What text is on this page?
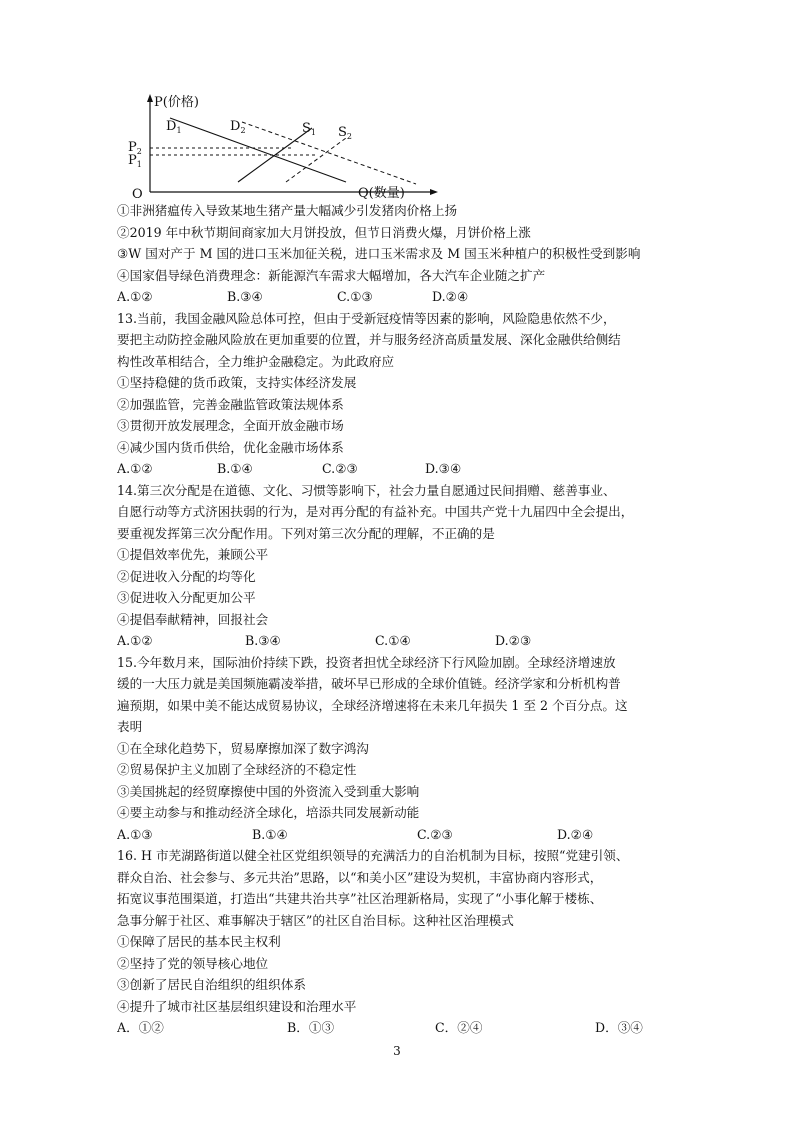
P(价格)
Q(数量)
O
$P_2$
$P_1$
$D_1$	$D_2$	$S_1$ $S_2$
①非洲猪瘟传入导致某地生猪产量大幅减少引发猪肉价格上扬
②2019 年中秋节期间商家加大月饼投放，但节日消费火爆，月饼价格上涨
③W 国对产于 M 国的进口玉米加征关税，进口玉米需求及 M 国玉米种植户的积极性受到影响
④国家倡导绿色消费理念：新能源汽车需求大幅增加，各大汽车企业随之扩产
A.①②	B.③④	C.①③	D.②④
13.当前，我国金融风险总体可控，但由于受新冠疫情等因素的影响，风险隐患依然不少，
要把主动防控金融风险放在更加重要的位置，并与服务经济高质量发展、深化金融供给侧结
构性改革相结合，全力维护金融稳定。为此政府应
①坚持稳健的货币政策，支持实体经济发展
②加强监管，完善金融监管政策法规体系
③贯彻开放发展理念，全面开放金融市场
④减少国内货币供给，优化金融市场体系
A.①②	B.①④	C.②③	D.③④
14.第三次分配是在道德、文化、习惯等影响下，社会力量自愿通过民间捐赠、慈善事业、
自愿行动等方式济困扶弱的行为，是对再分配的有益补充。中国共产党十九届四中全会提出，
要重视发挥第三次分配作用。下列对第三次分配的理解，不正确的是
①提倡效率优先，兼顾公平
②促进收入分配的均等化
③促进收入分配更加公平
④提倡奉献精神，回报社会
A.①②	B.③④	C.①④	D.②③
15.今年数月来，国际油价持续下跌，投资者担忧全球经济下行风险加剧。全球经济增速放
缓的一大压力就是美国频施霸凌举措，破坏早已形成的全球价值链。经济学家和分析机构普
遍预期，如果中美不能达成贸易协议，全球经济增速将在未来几年损失 1 至 2 个百分点。这
表明
①在全球化趋势下，贸易摩擦加深了数字鸿沟
②贸易保护主义加剧了全球经济的不稳定性
③美国挑起的经贸摩擦使中国的外资流入受到重大影响
④要主动参与和推动经济全球化，培添共同发展新动能
A.①③	B.①④	C.②③	D.②④
16. H 市芜湖路街道以健全社区党组织领导的充满活力的自治机制为目标，按照“党建引领、
群众自治、社会参与、多元共治”思路，以“和美小区”建设为契机，丰富协商内容形式，
拓宽议事范围渠道，打造出“共建共治共享”社区治理新格局，实现了“小事化解于楼栋、
急事分解于社区、难事解决于辖区”的社区自治目标。这种社区治理模式
①保障了居民的基本民主权利
②坚持了党的领导核心地位
③创新了居民自治组织的组织体系
④提升了城市社区基层组织建设和治理水平
A．①②	B．①③	C．②④	D．③④
3
